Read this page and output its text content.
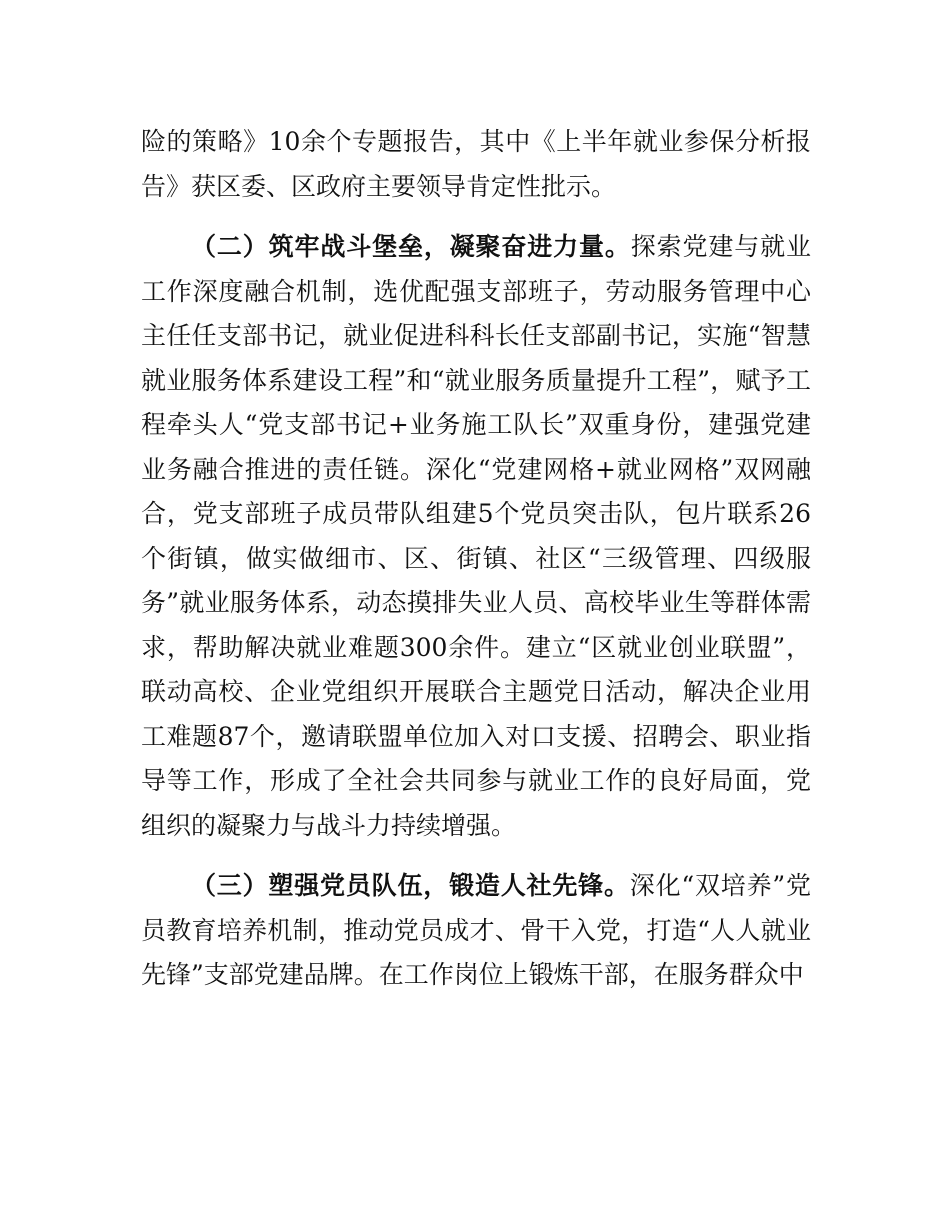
险的策略》10余个专题报告，其中《上半年就业参保分析报告》获区委、区政府主要领导肯定性批示。

（二）筑牢战斗堡垒，凝聚奋进力量。探索党建与就业工作深度融合机制，选优配强支部班子，劳动服务管理中心主任任支部书记，就业促进科科长任支部副书记，实施“智慧就业服务体系建设工程”和“就业服务质量提升工程”，赋予工程牵头人“党支部书记+业务施工队长”双重身份，建强党建业务融合推进的责任链。深化“党建网格+就业网格”双网融合，党支部班子成员带队组建5个党员突击队，包片联系26个街镇，做实做细市、区、街镇、社区“三级管理、四级服务”就业服务体系，动态摸排失业人员、高校毕业生等群体需求，帮助解决就业难题300余件。建立“区就业创业联盟”，联动高校、企业党组织开展联合主题党日活动，解决企业用工难题87个，邀请联盟单位加入对口支援、招聘会、职业指导等工作，形成了全社会共同参与就业工作的良好局面，党组织的凝聚力与战斗力持续增强。

（三）塑强党员队伍，锻造人社先锋。深化“双培养”党员教育培养机制，推动党员成才、骨干入党，打造“人人就业先锋”支部党建品牌。在工作岗位上锻炼干部，在服务群众中
